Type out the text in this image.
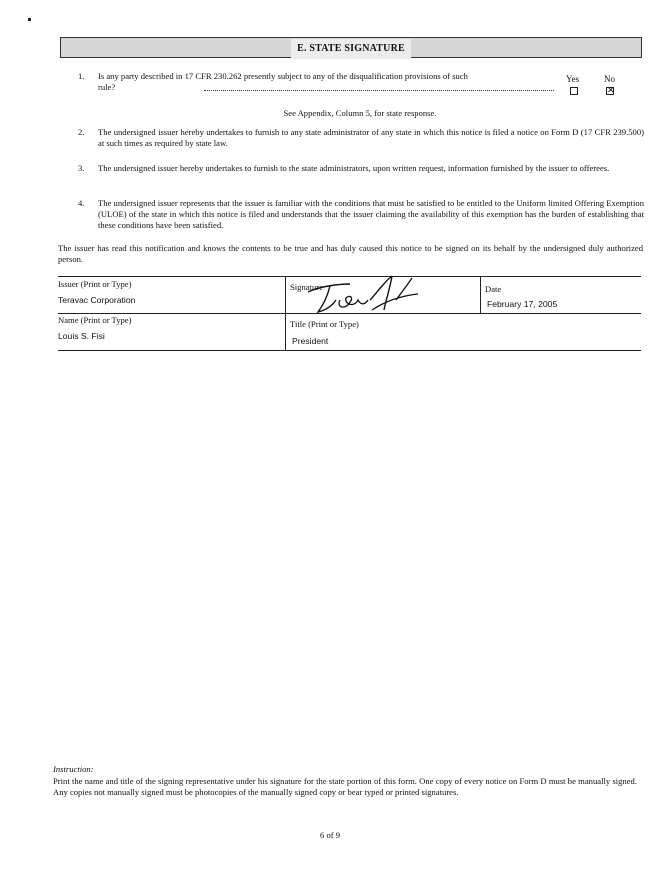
E. STATE SIGNATURE
1. Is any party described in 17 CFR 230.262 presently subject to any of the disqualification provisions of such rule?
Yes	No
✕
See Appendix, Column 5, for state response.
2. The undersigned issuer hereby undertakes to furnish to any state administrator of any state in which this notice is filed a notice on Form D (17 CFR 239.500) at such times as required by state law.
3. The undersigned issuer hereby undertakes to furnish to the state administrators, upon written request, information furnished by the issuer to offerees.
4. The undersigned issuer represents that the issuer is familiar with the conditions that must be satisfied to be entitled to the Uniform limited Offering Exemption (ULOE) of the state in which this notice is filed and understands that the issuer claiming the availability of this exemption has the burden of establishing that these conditions have been satisfied.
The issuer has read this notification and knows the contents to be true and has duly caused this notice to be signed on its behalf by the undersigned duly authorized person.
Issuer (Print or Type)
Teravac Corporation
Signature	Date
February 17, 2005
Name (Print or Type)
Louis S. Fisi
Title (Print or Type)
President
Instruction:
Print the name and title of the signing representative under his signature for the state portion of this form. One copy of every notice on Form D must be manually signed. Any copies not manually signed must be photocopies of the manually signed copy or bear typed or printed signatures.
6 of 9
